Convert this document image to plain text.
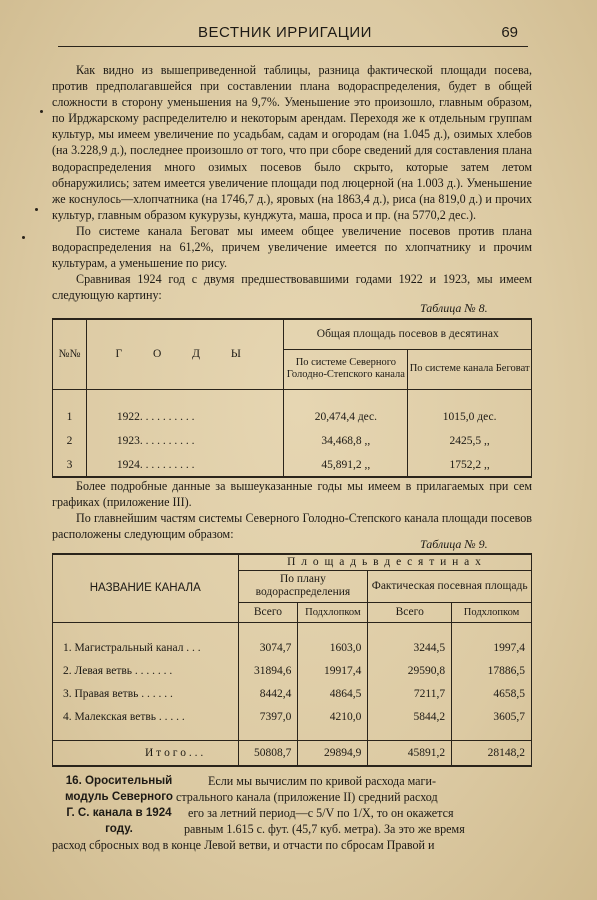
ВЕСТНИК ИРРИГАЦИИ	69

Как видно из вышеприведенной таблицы, разница фактической площади посева, против предполагавшейся при составлении плана водораспределения, будет в общей сложности в сторону уменьшения на 9,7%. Уменьшение это произошло, главным образом, по Ирджарскому распределителю и некоторым арендам. Переходя же к отдельным группам культур, мы имеем увеличение по усадьбам, садам и огородам (на 1.045 д.), озимых хлебов (на 3.228,9 д.), последнее произошло от того, что при сборе сведений для составления плана водораспределения много озимых посевов было скрыто, которые затем летом обнаружились; затем имеется увеличение площади под люцерной (на 1.003 д.). Уменьшение же коснулось—хлопчатника (на 1746,7 д.), яровых (на 1863,4 д.), риса (на 819,0 д.) и прочих культур, главным образом кукурузы, кунджута, маша, проса и пр. (на 5770,2 дес.).

По системе канала Беговат мы имеем общее увеличение посевов против плана водораспределения на 61,2%, причем увеличение имеется по хлопчатнику и прочим культурам, а уменьшение по рису.

Сравнивая 1924 год с двумя предшествовавшими годами 1922 и 1923, мы имеем следующую картину:

Таблица № 8.
№№	Г О Д Ы	Общая площадь посевов в десятинах	
		По системе Северного Голодно-Степского канала	По системе канала Беговат

1	1922. . . . . . . . . .	20,474,4 дес.	1015,0 дес.
2	1923. . . . . . . . . .	34,468,8 ,,	2425,5 ,,
3	1924. . . . . . . . . .	45,891,2 ,,	1752,2 ,,

Более подробные данные за вышеуказанные годы мы имеем в прилагаемых при сем графиках (приложение III).

По главнейшим частям системы Северного Голодно-Степского канала площади посевов расположены следующим образом:

Таблица № 9.
НАЗВАНИЕ КАНАЛА	П л о щ а д ь в д е с я т и н а х			
	По плану водораспределения		Фактическая посевная площадь	
	Всего	Подхлопком	Всего	Подхлопком

1. Магистральный канал . . .	3074,7	1603,0	3244,5	1997,4
2. Левая ветвь . . . . . . .	31894,6	19917,4	29590,8	17886,5
3. Правая ветвь . . . . . .	8442,4	4864,5	7211,7	4658,5
4. Малекская ветвь . . . . .	7397,0	4210,0	5844,2	3605,7

И т о г о . . .	50808,7	29894,9	45891,2	28148,2
16. Оросительный
модуль Северного
Г. С. канала в 1924
году.
Если мы вычислим по кривой расхода маги-
стрального канала (приложение II) средний расход
его за летний период—с 5/V по 1/X, то он окажется
равным 1.615 с. фут. (45,7 куб. метра). За это же время
расход сбросных вод в конце Левой ветви, и отчасти по сбросам Правой и
